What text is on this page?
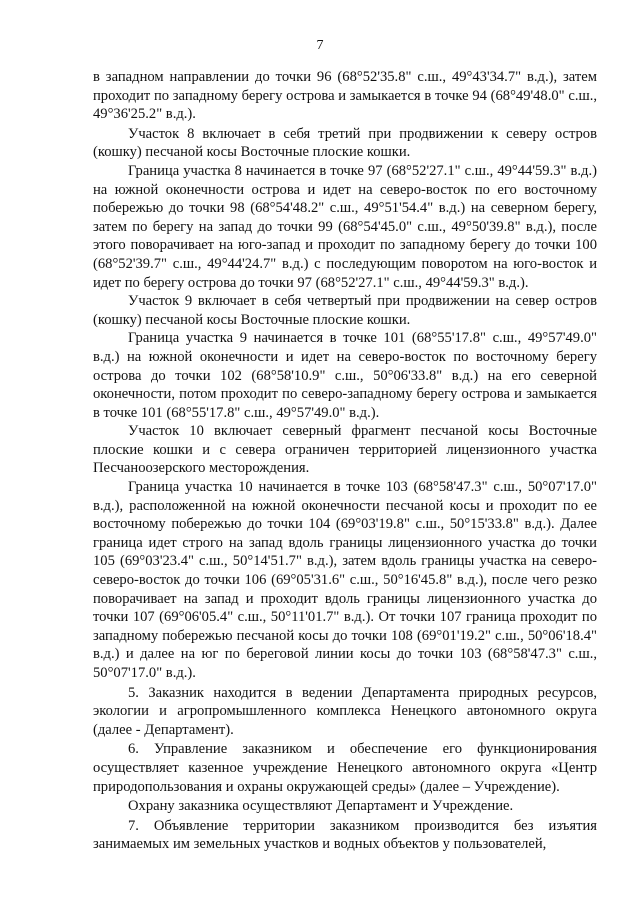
7

в западном направлении до точки 96 (68°52'35.8" с.ш., 49°43'34.7" в.д.), затем проходит по западному берегу острова и замыкается в точке 94 (68°49'48.0" с.ш., 49°36'25.2" в.д.).

Участок 8 включает в себя третий при продвижении к северу остров (кошку) песчаной косы Восточные плоские кошки.

Граница участка 8 начинается в точке 97 (68°52'27.1" с.ш., 49°44'59.3" в.д.) на южной оконечности острова и идет на северо-восток по его восточному побережью до точки 98 (68°54'48.2" с.ш., 49°51'54.4" в.д.) на северном берегу, затем по берегу на запад до точки 99 (68°54'45.0" с.ш., 49°50'39.8" в.д.), после этого поворачивает на юго-запад и проходит по западному берегу до точки 100 (68°52'39.7" с.ш., 49°44'24.7" в.д.) с последующим поворотом на юго-восток и идет по берегу острова до точки 97 (68°52'27.1" с.ш., 49°44'59.3" в.д.).

Участок 9 включает в себя четвертый при продвижении на север остров (кошку) песчаной косы Восточные плоские кошки.

Граница участка 9 начинается в точке 101 (68°55'17.8" с.ш., 49°57'49.0" в.д.) на южной оконечности и идет на северо-восток по восточному берегу острова до точки 102 (68°58'10.9" с.ш., 50°06'33.8" в.д.) на его северной оконечности, потом проходит по северо-западному берегу острова и замыкается в точке 101 (68°55'17.8" с.ш., 49°57'49.0" в.д.).

Участок 10 включает северный фрагмент песчаной косы Восточные плоские кошки и с севера ограничен территорией лицензионного участка Песчаноозерского месторождения.

Граница участка 10 начинается в точке 103 (68°58'47.3" с.ш., 50°07'17.0" в.д.), расположенной на южной оконечности песчаной косы и проходит по ее восточному побережью до точки 104 (69°03'19.8" с.ш., 50°15'33.8" в.д.). Далее граница идет строго на запад вдоль границы лицензионного участка до точки 105 (69°03'23.4" с.ш., 50°14'51.7" в.д.), затем вдоль границы участка на северо-северо-восток до точки 106 (69°05'31.6" с.ш., 50°16'45.8" в.д.), после чего резко поворачивает на запад и проходит вдоль границы лицензионного участка до точки 107 (69°06'05.4" с.ш., 50°11'01.7" в.д.). От точки 107 граница проходит по западному побережью песчаной косы до точки 108 (69°01'19.2" с.ш., 50°06'18.4" в.д.) и далее на юг по береговой линии косы до точки 103 (68°58'47.3" с.ш., 50°07'17.0" в.д.).

5. Заказник находится в ведении Департамента природных ресурсов, экологии и агропромышленного комплекса Ненецкого автономного округа (далее - Департамент).

6. Управление заказником и обеспечение его функционирования осуществляет казенное учреждение Ненецкого автономного округа «Центр природопользования и охраны окружающей среды» (далее – Учреждение).

Охрану заказника осуществляют Департамент и Учреждение.

7. Объявление территории заказником производится без изъятия занимаемых им земельных участков и водных объектов у пользователей,
